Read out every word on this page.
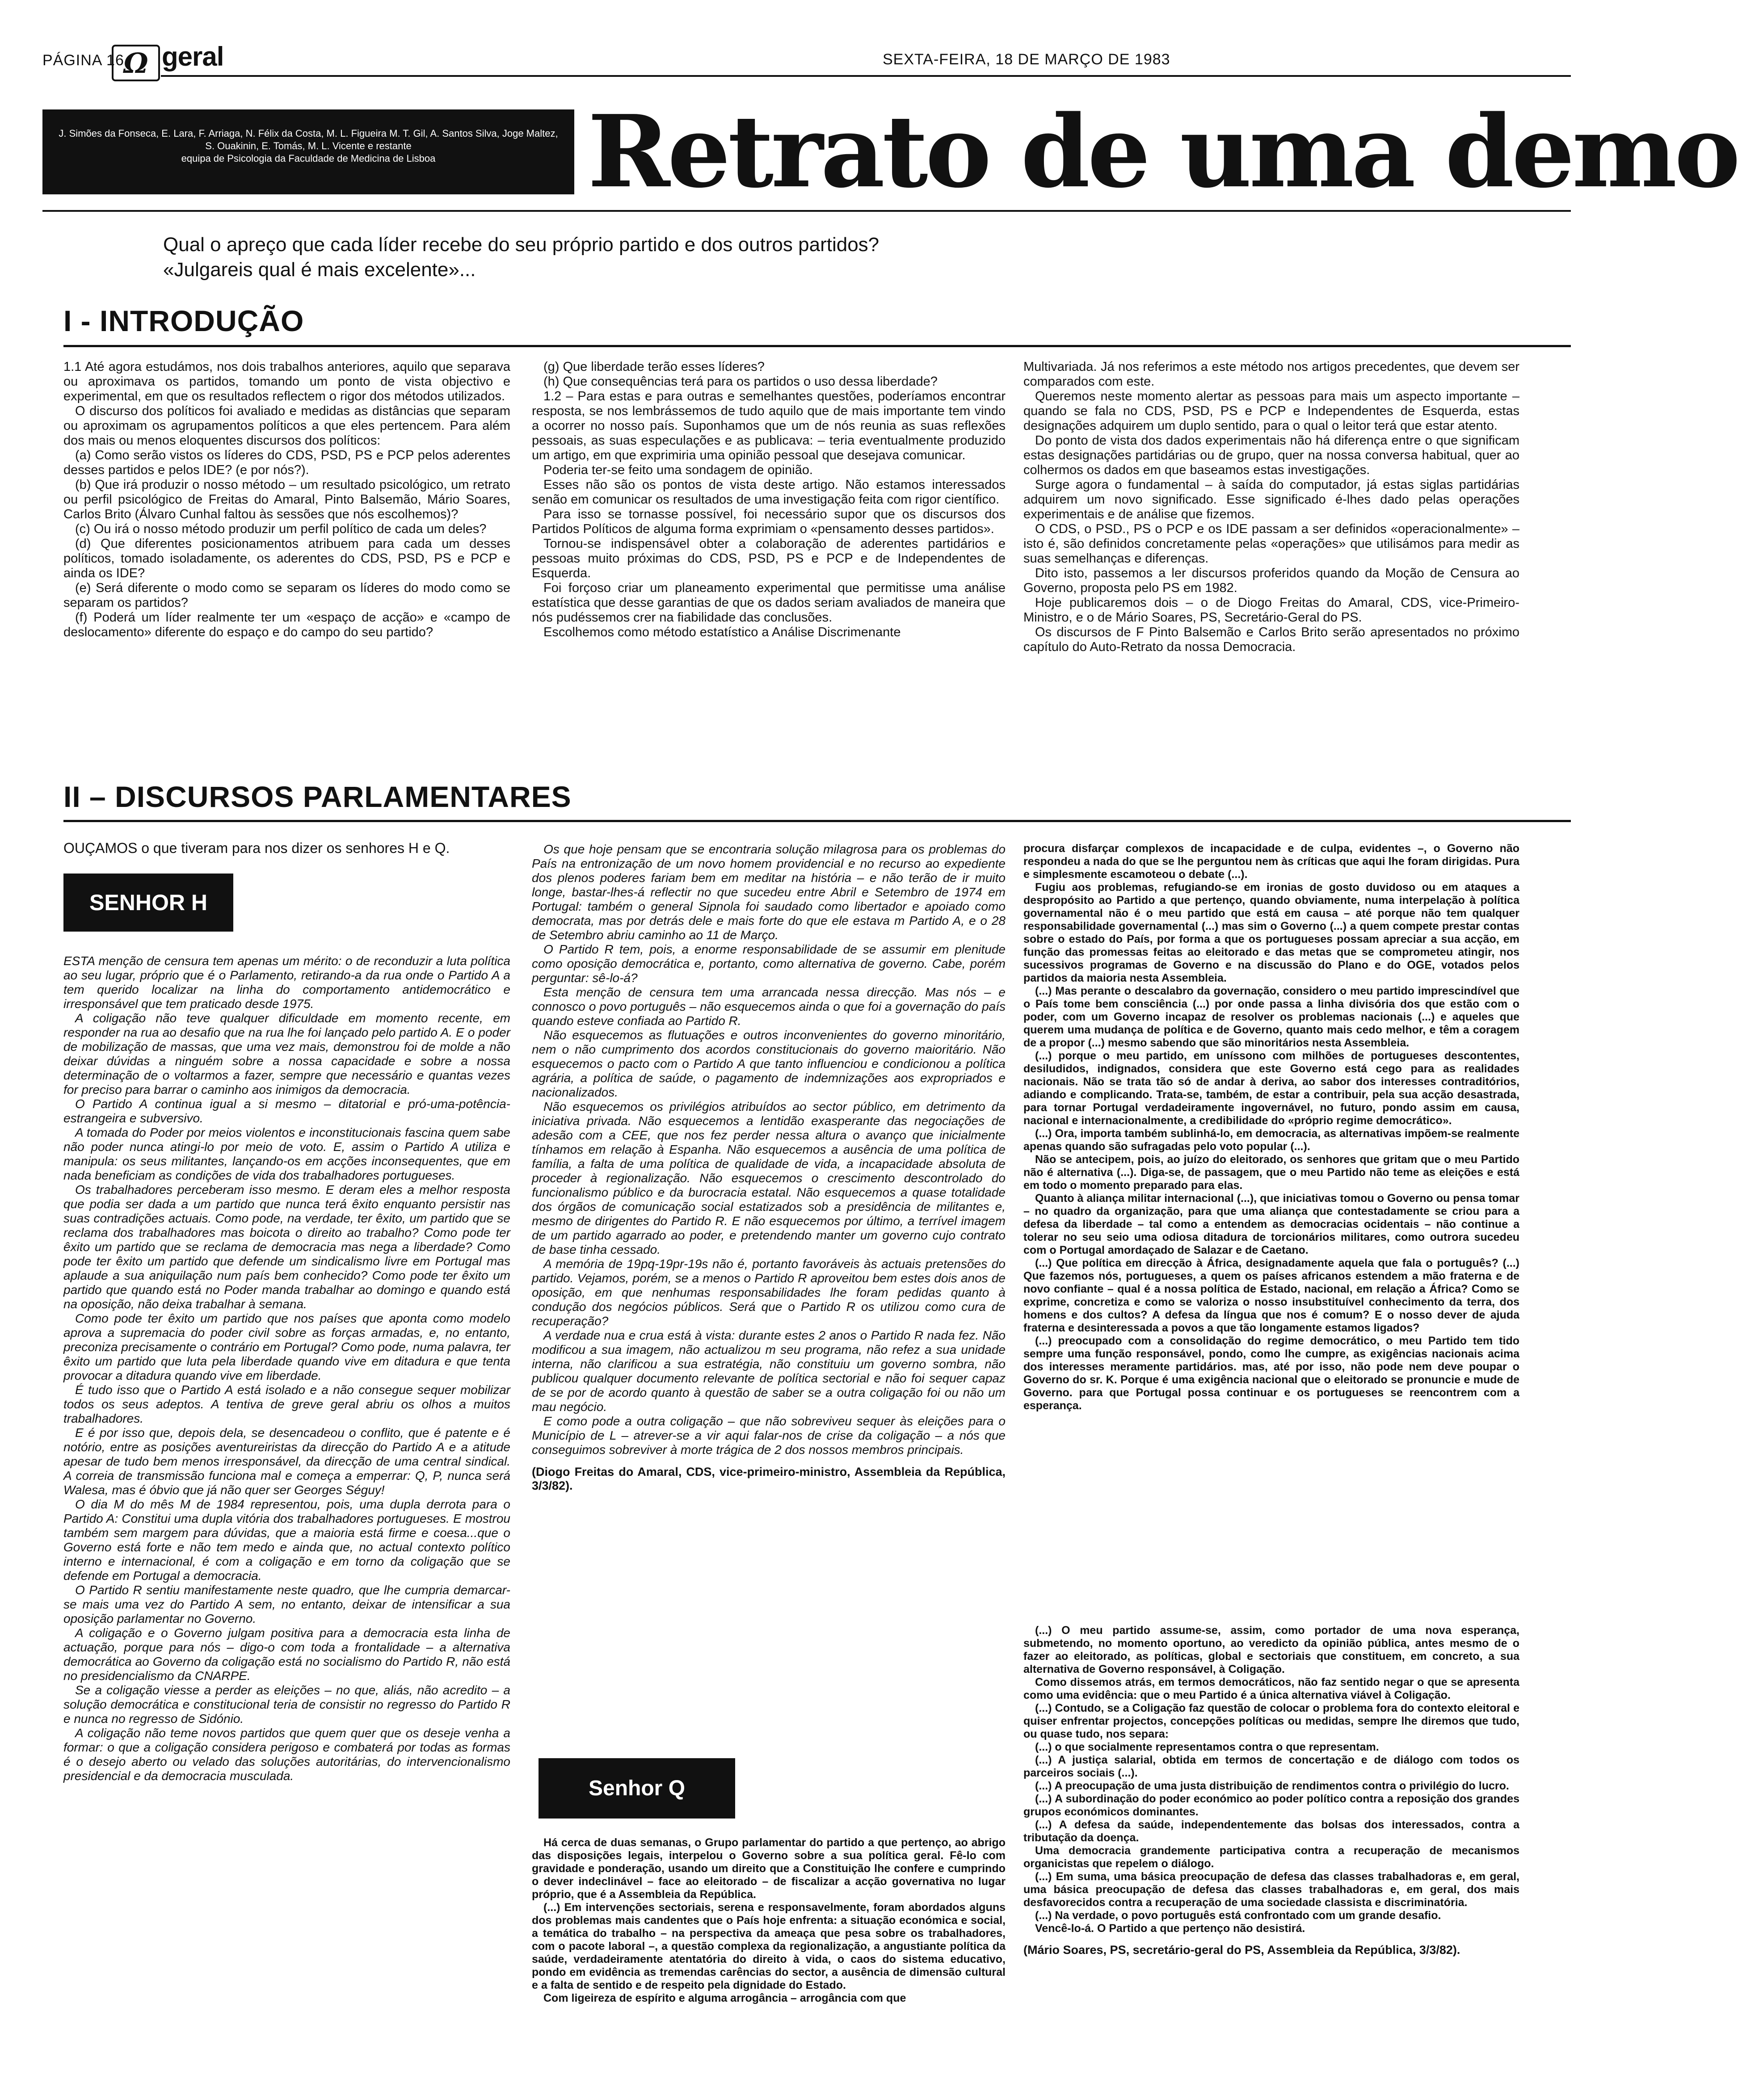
PÁGINA 16
Ω geral	SEXTA-FEIRA, 18 DE MARÇO DE 1983
J. Simões da Fonseca, E. Lara, F. Arriaga, N. Félix da Costa, M. L. Figueira M. T. Gil, A. Santos Silva, Joge Maltez, S. Ouakinin, E. Tomás, M. L. Vicente e restante
equipa de Psicologia da Faculdade de Medicina de Lisboa	Retrato de uma demo
Qual o apreço que cada líder recebe do seu próprio partido e dos outros partidos?
«Julgareis qual é mais excelente»...
I - INTRODUÇÃO

1.1 Até agora estudámos, nos dois trabalhos anteriores, aquilo que separava ou aproximava os partidos, tomando um ponto de vista objectivo e experimental, em que os resultados reflectem o rigor dos métodos utilizados.

O discurso dos políticos foi avaliado e medidas as distâncias que separam ou aproximam os agrupamentos políticos a que eles pertencem. Para além dos mais ou menos eloquentes discursos dos políticos:

(a) Como serão vistos os líderes do CDS, PSD, PS e PCP pelos aderentes desses partidos e pelos IDE? (e por nós?).

(b) Que irá produzir o nosso método – um resultado psicológico, um retrato ou perfil psicológico de Freitas do Amaral, Pinto Balsemão, Mário Soares, Carlos Brito (Álvaro Cunhal faltou às sessões que nós escolhemos)?

(c) Ou irá o nosso método produzir um perfil político de cada um deles?

(d) Que diferentes posicionamentos atribuem para cada um desses políticos, tomado isoladamente, os aderentes do CDS, PSD, PS e PCP e ainda os IDE?

(e) Será diferente o modo como se separam os líderes do modo como se separam os partidos?

(f) Poderá um líder realmente ter um «espaço de acção» e «campo de deslocamento» diferente do espaço e do campo do seu partido?

(g) Que liberdade terão esses líderes?

(h) Que consequências terá para os partidos o uso dessa liberdade?

1.2 – Para estas e para outras e semelhantes questões, poderíamos encontrar resposta, se nos lembrássemos de tudo aquilo que de mais importante tem vindo a ocorrer no nosso país. Suponhamos que um de nós reunia as suas reflexões pessoais, as suas especulações e as publicava: – teria eventualmente produzido um artigo, em que exprimiria uma opinião pessoal que desejava comunicar.

Poderia ter-se feito uma sondagem de opinião.

Esses não são os pontos de vista deste artigo. Não estamos interessados senão em comunicar os resultados de uma investigação feita com rigor científico.

Para isso se tornasse possível, foi necessário supor que os discursos dos Partidos Políticos de alguma forma exprimiam o «pensamento desses partidos».

Tornou-se indispensável obter a colaboração de aderentes partidários e pessoas muito próximas do CDS, PSD, PS e PCP e de Independentes de Esquerda.

Foi forçoso criar um planeamento experimental que permitisse uma análise estatística que desse garantias de que os dados seriam avaliados de maneira que nós pudéssemos crer na fiabilidade das conclusões.

Escolhemos como método estatístico a Análise Discrimenante

Multivariada. Já nos referimos a este método nos artigos precedentes, que devem ser comparados com este.

Queremos neste momento alertar as pessoas para mais um aspecto importante – quando se fala no CDS, PSD, PS e PCP e Independentes de Esquerda, estas designações adquirem um duplo sentido, para o qual o leitor terá que estar atento.

Do ponto de vista dos dados experimentais não há diferença entre o que significam estas designações partidárias ou de grupo, quer na nossa conversa habitual, quer ao colhermos os dados em que baseamos estas investigações.

Surge agora o fundamental – à saída do computador, já estas siglas partidárias adquirem um novo significado. Esse significado é-lhes dado pelas operações experimentais e de análise que fizemos.

O CDS, o PSD., PS o PCP e os IDE passam a ser definidos «operacionalmente» – isto é, são definidos concretamente pelas «operações» que utilisámos para medir as suas semelhanças e diferenças.

Dito isto, passemos a ler discursos proferidos quando da Moção de Censura ao Governo, proposta pelo PS em 1982.

Hoje publicaremos dois – o de Diogo Freitas do Amaral, CDS, vice-Primeiro-Ministro, e o de Mário Soares, PS, Secretário-Geral do PS.

Os discursos de F Pinto Balsemão e Carlos Brito serão apresentados no próximo capítulo do Auto-Retrato da nossa Democracia.

II – DISCURSOS PARLAMENTARES
OUÇAMOS o que tiveram para nos dizer os senhores H e Q.
SENHOR H

ESTA menção de censura tem apenas um mérito: o de reconduzir a luta política ao seu lugar, próprio que é o Parlamento, retirando-a da rua onde o Partido A a tem querido localizar na linha do comportamento antidemocrático e irresponsável que tem praticado desde 1975.

A coligação não teve qualquer dificuldade em momento recente, em responder na rua ao desafio que na rua lhe foi lançado pelo partido A. E o poder de mobilização de massas, que uma vez mais, demonstrou foi de molde a não deixar dúvidas a ninguém sobre a nossa capacidade e sobre a nossa determinação de o voltarmos a fazer, sempre que necessário e quantas vezes for preciso para barrar o caminho aos inimigos da democracia.

O Partido A continua igual a si mesmo – ditatorial e pró-uma-potência-estrangeira e subversivo.

A tomada do Poder por meios violentos e inconstitucionais fascina quem sabe não poder nunca atingi-lo por meio de voto. E, assim o Partido A utiliza e manipula: os seus militantes, lançando-os em acções inconsequentes, que em nada beneficiam as condições de vida dos trabalhadores portugueses.

Os trabalhadores perceberam isso mesmo. E deram eles a melhor resposta que podia ser dada a um partido que nunca terá êxito enquanto persistir nas suas contradições actuais. Como pode, na verdade, ter êxito, um partido que se reclama dos trabalhadores mas boicota o direito ao trabalho? Como pode ter êxito um partido que se reclama de democracia mas nega a liberdade? Como pode ter êxito um partido que defende um sindicalismo livre em Portugal mas aplaude a sua aniquilação num país bem conhecido? Como pode ter êxito um partido que quando está no Poder manda trabalhar ao domingo e quando está na oposição, não deixa trabalhar à semana.

Como pode ter êxito um partido que nos países que aponta como modelo aprova a supremacia do poder civil sobre as forças armadas, e, no entanto, preconiza precisamente o contrário em Portugal? Como pode, numa palavra, ter êxito um partido que luta pela liberdade quando vive em ditadura e que tenta provocar a ditadura quando vive em liberdade.

É tudo isso que o Partido A está isolado e a não consegue sequer mobilizar todos os seus adeptos. A tentiva de greve geral abriu os olhos a muitos trabalhadores.

E é por isso que, depois dela, se desencadeou o conflito, que é patente e é notório, entre as posições aventureiristas da direcção do Partido A e a atitude apesar de tudo bem menos irresponsável, da direcção de uma central sindical. A correia de transmissão funciona mal e começa a emperrar: Q, P, nunca será Walesa, mas é óbvio que já não quer ser Georges Séguy!

O dia M do mês M de 1984 representou, pois, uma dupla derrota para o Partido A: Constitui uma dupla vitória dos trabalhadores portugueses. E mostrou também sem margem para dúvidas, que a maioria está firme e coesa...que o Governo está forte e não tem medo e ainda que, no actual contexto político interno e internacional, é com a coligação e em torno da coligação que se defende em Portugal a democracia.

O Partido R sentiu manifestamente neste quadro, que lhe cumpria demarcar-se mais uma vez do Partido A sem, no entanto, deixar de intensificar a sua oposição parlamentar no Governo.

A coligação e o Governo julgam positiva para a democracia esta linha de actuação, porque para nós – digo-o com toda a frontalidade – a alternativa democrática ao Governo da coligação está no socialismo do Partido R, não está no presidencialismo da CNARPE.

Se a coligação viesse a perder as eleições – no que, aliás, não acredito – a solução democrática e constitucional teria de consistir no regresso do Partido R e nunca no regresso de Sidónio.

A coligação não teme novos partidos que quem quer que os deseje venha a formar: o que a coligação considera perigoso e combaterá por todas as formas é o desejo aberto ou velado das soluções autoritárias, do intervencionalismo presidencial e da democracia musculada.

Os que hoje pensam que se encontraria solução milagrosa para os problemas do País na entronização de um novo homem providencial e no recurso ao expediente dos plenos poderes fariam bem em meditar na história – e não terão de ir muito longe, bastar-lhes-á reflectir no que sucedeu entre Abril e Setembro de 1974 em Portugal: também o general Sipnola foi saudado como libertador e apoiado como democrata, mas por detrás dele e mais forte do que ele estava m Partido A, e o 28 de Setembro abriu caminho ao 11 de Março.

O Partido R tem, pois, a enorme responsabilidade de se assumir em plenitude como oposição democrática e, portanto, como alternativa de governo. Cabe, porém perguntar: sê-lo-á?

Esta menção de censura tem uma arrancada nessa direcção. Mas nós – e connosco o povo português – não esquecemos ainda o que foi a governação do país quando esteve confiada ao Partido R.

Não esquecemos as flutuações e outros inconvenientes do governo minoritário, nem o não cumprimento dos acordos constitucionais do governo maioritário. Não esquecemos o pacto com o Partido A que tanto influenciou e condicionou a política agrária, a política de saúde, o pagamento de indemnizações aos expropriados e nacionalizados.

Não esquecemos os privilégios atribuídos ao sector público, em detrimento da iniciativa privada. Não esquecemos a lentidão exasperante das negociações de adesão com a CEE, que nos fez perder nessa altura o avanço que inicialmente tínhamos em relação à Espanha. Não esquecemos a ausência de uma política de família, a falta de uma política de qualidade de vida, a incapacidade absoluta de proceder à regionalização. Não esquecemos o crescimento descontrolado do funcionalismo público e da burocracia estatal. Não esquecemos a quase totalidade dos órgãos de comunicação social estatizados sob a presidência de militantes e, mesmo de dirigentes do Partido R. E não esquecemos por último, a terrível imagem de um partido agarrado ao poder, e pretendendo manter um governo cujo contrato de base tinha cessado.

A memória de 19pq-19pr-19s não é, portanto favoráveis às actuais pretensões do partido. Vejamos, porém, se a menos o Partido R aproveitou bem estes dois anos de oposição, em que nenhumas responsabilidades lhe foram pedidas quanto à condução dos negócios públicos. Será que o Partido R os utilizou como cura de recuperação?

A verdade nua e crua está à vista: durante estes 2 anos o Partido R nada fez. Não modificou a sua imagem, não actualizou m seu programa, não refez a sua unidade interna, não clarificou a sua estratégia, não constituiu um governo sombra, não publicou qualquer documento relevante de política sectorial e não foi sequer capaz de se por de acordo quanto à questão de saber se a outra coligação foi ou não um mau negócio.

E como pode a outra coligação – que não sobreviveu sequer às eleições para o Município de L – atrever-se a vir aqui falar-nos de crise da coligação – a nós que conseguimos sobreviver à morte trágica de 2 dos nossos membros principais.

(Diogo Freitas do Amaral, CDS, vice-primeiro-ministro, Assembleia da República, 3/3/82).
Senhor Q

Há cerca de duas semanas, o Grupo parlamentar do partido a que pertenço, ao abrigo das disposições legais, interpelou o Governo sobre a sua política geral. Fê-lo com gravidade e ponderação, usando um direito que a Constituição lhe confere e cumprindo o dever indeclinável – face ao eleitorado – de fiscalizar a acção governativa no lugar próprio, que é a Assembleia da República.

(...) Em intervenções sectoriais, serena e responsavelmente, foram abordados alguns dos problemas mais candentes que o País hoje enfrenta: a situação económica e social, a temática do trabalho – na perspectiva da ameaça que pesa sobre os trabalhadores, com o pacote laboral –, a questão complexa da regionalização, a angustiante política da saúde, verdadeiramente atentatória do direito à vida, o caos do sistema educativo, pondo em evidência as tremendas carências do sector, a ausência de dimensão cultural e a falta de sentido e de respeito pela dignidade do Estado.

Com ligeireza de espírito e alguma arrogância – arrogância com que

procura disfarçar complexos de incapacidade e de culpa, evidentes –, o Governo não respondeu a nada do que se lhe perguntou nem às críticas que aqui lhe foram dirigidas. Pura e simplesmente escamoteou o debate (...).

Fugiu aos problemas, refugiando-se em ironias de gosto duvidoso ou em ataques a despropósito ao Partido a que pertenço, quando obviamente, numa interpelação à política governamental não é o meu partido que está em causa – até porque não tem qualquer responsabilidade governamental (...) mas sim o Governo (...) a quem compete prestar contas sobre o estado do País, por forma a que os portugueses possam apreciar a sua acção, em função das promessas feitas ao eleitorado e das metas que se comprometeu atingir, nos sucessivos programas de Governo e na discussão do Plano e do OGE, votados pelos partidos da maioria nesta Assembleia.

(...) Mas perante o descalabro da governação, considero o meu partido imprescindível que o País tome bem consciência (...) por onde passa a linha divisória dos que estão com o poder, com um Governo incapaz de resolver os problemas nacionais (...) e aqueles que querem uma mudança de política e de Governo, quanto mais cedo melhor, e têm a coragem de a propor (...) mesmo sabendo que são minoritários nesta Assembleia.

(...) porque o meu partido, em uníssono com milhões de portugueses descontentes, desiludidos, indignados, considera que este Governo está cego para as realidades nacionais. Não se trata tão só de andar à deriva, ao sabor dos interesses contraditórios, adiando e complicando. Trata-se, também, de estar a contribuir, pela sua acção desastrada, para tornar Portugal verdadeiramente ingovernável, no futuro, pondo assim em causa, nacional e internacionalmente, a credibilidade do «próprio regime democrático».

(...) Ora, importa também sublinhá-lo, em democracia, as alternativas impõem-se realmente apenas quando são sufragadas pelo voto popular (...).

Não se antecipem, pois, ao juízo do eleitorado, os senhores que gritam que o meu Partido não é alternativa (...). Diga-se, de passagem, que o meu Partido não teme as eleições e está em todo o momento preparado para elas.

Quanto à aliança militar internacional (...), que iniciativas tomou o Governo ou pensa tomar – no quadro da organização, para que uma aliança que contestadamente se criou para a defesa da liberdade – tal como a entendem as democracias ocidentais – não continue a tolerar no seu seio uma odiosa ditadura de torcionários militares, como outrora sucedeu com o Portugal amordaçado de Salazar e de Caetano.

(...) Que política em direcção à África, designadamente aquela que fala o português? (...) Que fazemos nós, portugueses, a quem os países africanos estendem a mão fraterna e de novo confiante – qual é a nossa política de Estado, nacional, em relação a África? Como se exprime, concretiza e como se valoriza o nosso insubstituível conhecimento da terra, dos homens e dos cultos? A defesa da língua que nos é comum? E o nosso dever de ajuda fraterna e desinteressada a povos a que tão longamente estamos ligados?

(...) preocupado com a consolidação do regime democrático, o meu Partido tem tido sempre uma função responsável, pondo, como lhe cumpre, as exigências nacionais acima dos interesses meramente partidários. mas, até por isso, não pode nem deve poupar o Governo do sr. K. Porque é uma exigência nacional que o eleitorado se pronuncie e mude de Governo. para que Portugal possa continuar e os portugueses se reencontrem com a esperança.

(...) O meu partido assume-se, assim, como portador de uma nova esperança, submetendo, no momento oportuno, ao veredicto da opinião pública, antes mesmo de o fazer ao eleitorado, as políticas, global e sectoriais que constituem, em concreto, a sua alternativa de Governo responsável, à Coligação.

Como dissemos atrás, em termos democráticos, não faz sentido negar o que se apresenta como uma evidência: que o meu Partido é a única alternativa viável à Coligação.

(...) Contudo, se a Coligação faz questão de colocar o problema fora do contexto eleitoral e quiser enfrentar projectos, concepções políticas ou medidas, sempre lhe diremos que tudo, ou quase tudo, nos separa:

(...) o que socialmente representamos contra o que representam.

(...) A justiça salarial, obtida em termos de concertação e de diálogo com todos os parceiros sociais (...).

(...) A preocupação de uma justa distribuição de rendimentos contra o privilégio do lucro.

(...) A subordinação do poder económico ao poder político contra a reposição dos grandes grupos económicos dominantes.

(...) A defesa da saúde, independentemente das bolsas dos interessados, contra a tributação da doença.

Uma democracia grandemente participativa contra a recuperação de mecanismos organicistas que repelem o diálogo.

(...) Em suma, uma básica preocupação de defesa das classes trabalhadoras e, em geral, uma básica preocupação de defesa das classes trabalhadoras e, em geral, dos mais desfavorecidos contra a recuperação de uma sociedade classista e discriminatória.

(...) Na verdade, o povo português está confrontado com um grande desafio.

Vencê-lo-á. O Partido a que pertenço não desistirá.

(Mário Soares, PS, secretário-geral do PS, Assembleia da República, 3/3/82).
